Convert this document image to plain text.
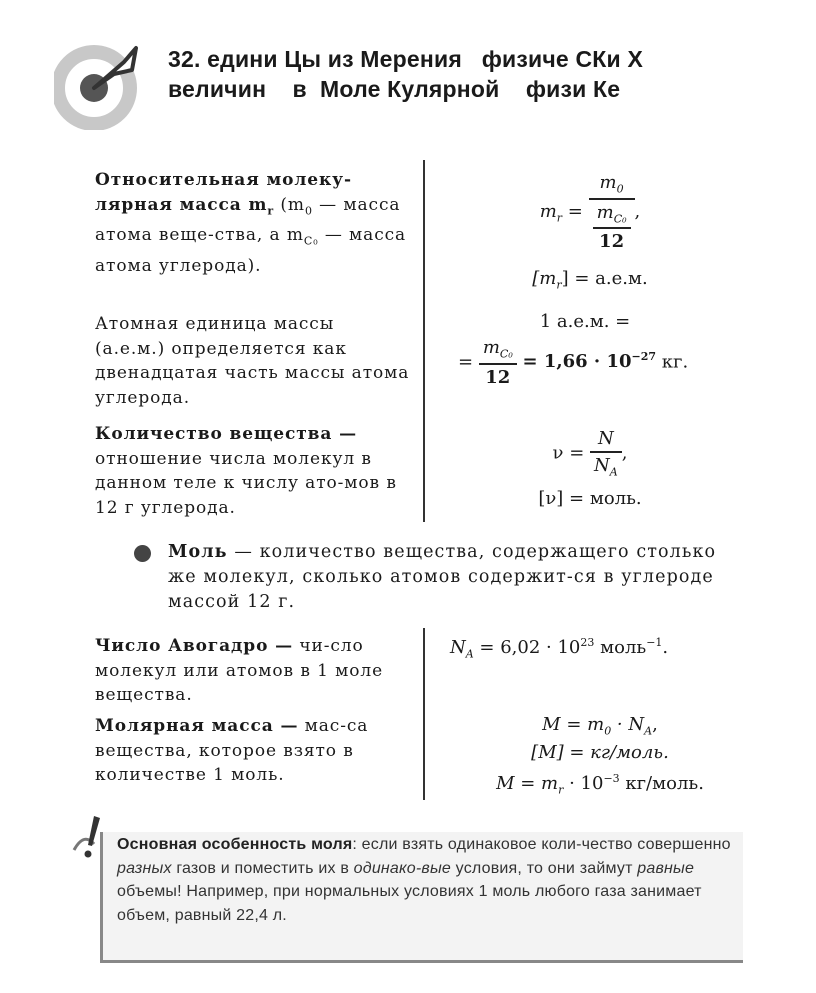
32. едини Цы из Мерения   физиче СКи Х
величин    в  Моле Кулярной    физи Ке
Относительная молеку-лярная масса $m_r$ ($m_0$ — масса атома веще-ства, а $m_{C_0}$ — масса атома углерода).
$m_r = \frac{m_0}{\frac{m_{C_0}}{12}}$ ,
$[m_r] = а.е.м$.
Атомная единица массы (а.е.м.) определяется как двенадцатая часть массы атома углерода.
1 а.е.м. =
= $\frac{m_{C_0}}{12} = 1,66 \cdot 10^{-27}$ кг.
Количество вещества — отношение числа молекул в данном теле к числу ато-мов в 12 г углерода.
$\nu = \frac{N}{N_A}$ ,
[ν] = моль.
Моль — количество вещества, содержащего столько же молекул, сколько атомов содержит-ся в углероде массой 12 г.
Число Авогадро — чи-сло молекул или атомов в 1 моле вещества.
$N_A = 6,02 \cdot 10^{23}$ моль$^{-1}$.
Молярная масса — мас-са вещества, которое взято в количестве 1 моль.
$M = m_0 \cdot N_A$,
[M] = кг/моль.
$M = m_r \cdot 10^{-3}$ кг/моль.
Основная особенность моля: если взять одинаковое коли-чество совершенно разных газов и поместить их в одинако-вые условия, то они займут равные объемы! Например, при нормальных условиях 1 моль любого газа занимает объем, равный 22,4 л.
